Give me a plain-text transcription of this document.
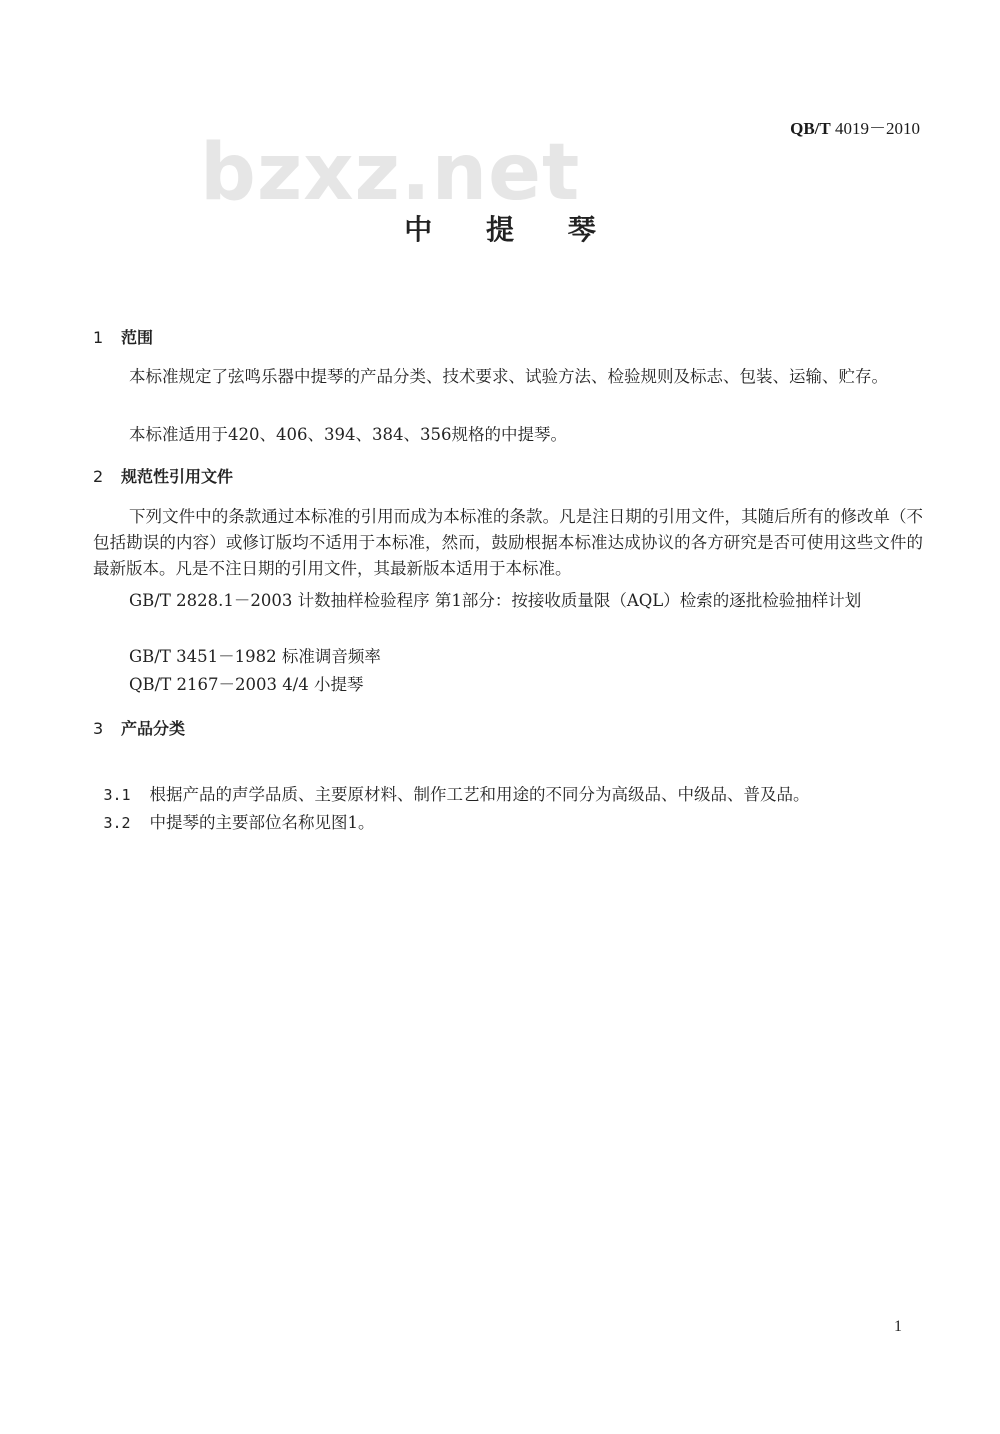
QB/T 4019－2010
bzxz.net
中 提 琴
1 范围
本标准规定了弦鸣乐器中提琴的产品分类、技术要求、试验方法、检验规则及标志、包装、运输、贮存。
本标准适用于420、406、394、384、356规格的中提琴。
2 规范性引用文件
下列文件中的条款通过本标准的引用而成为本标准的条款。凡是注日期的引用文件，其随后所有的修改单（不包括勘误的内容）或修订版均不适用于本标准，然而，鼓励根据本标准达成协议的各方研究是否可使用这些文件的最新版本。凡是不注日期的引用文件，其最新版本适用于本标准。
GB/T 2828.1－2003 计数抽样检验程序 第1部分：按接收质量限（AQL）检索的逐批检验抽样计划
GB/T 3451－1982 标准调音频率
QB/T 2167－2003 4/4 小提琴
3 产品分类

3.1 根据产品的声学品质、主要原材料、制作工艺和用途的不同分为高级品、中级品、普及品。

3.2 中提琴的主要部位名称见图1。

1
